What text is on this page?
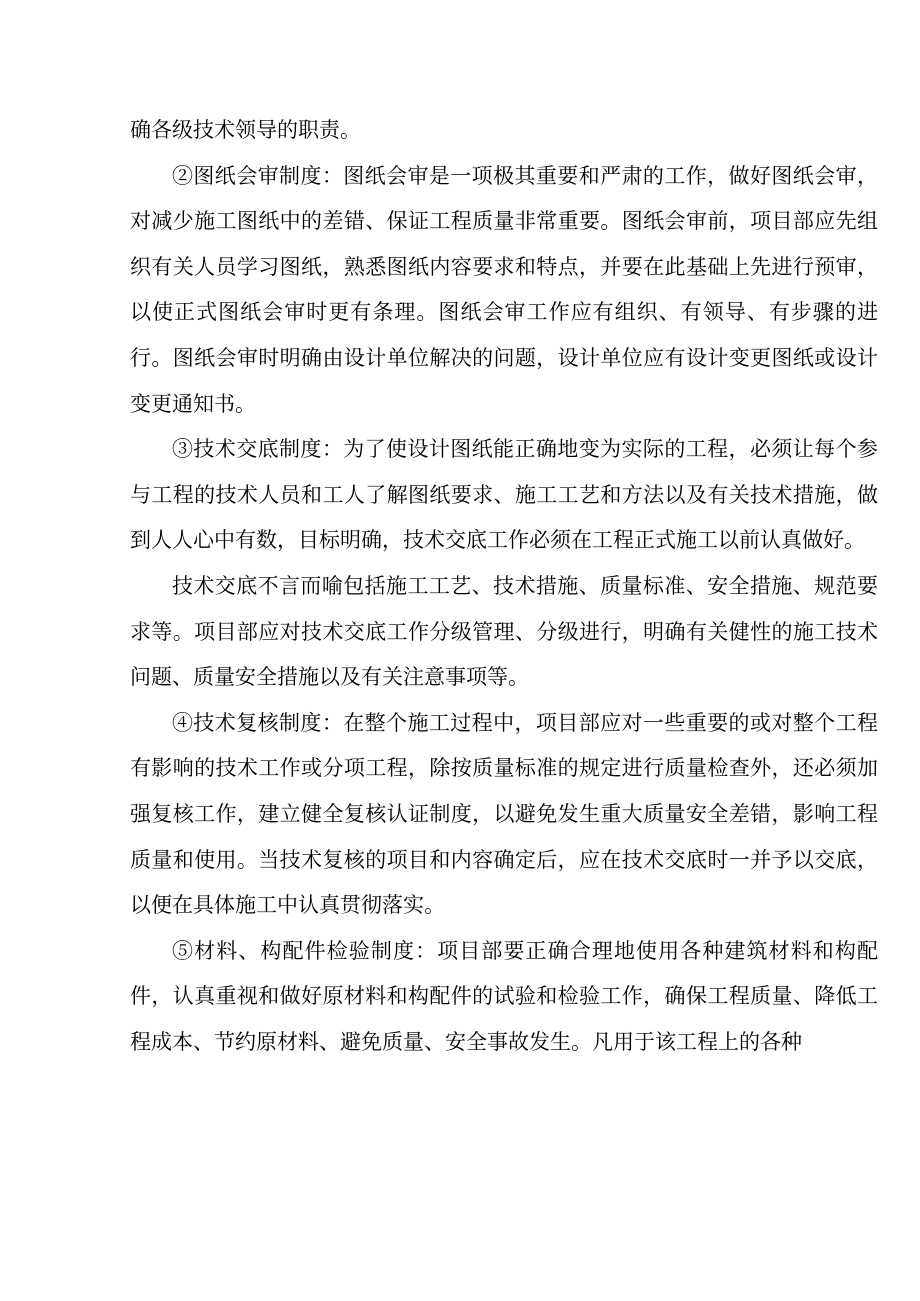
确各级技术领导的职责。

②图纸会审制度：图纸会审是一项极其重要和严肃的工作，做好图纸会审，对减少施工图纸中的差错、保证工程质量非常重要。图纸会审前，项目部应先组织有关人员学习图纸，熟悉图纸内容要求和特点，并要在此基础上先进行预审，以使正式图纸会审时更有条理。图纸会审工作应有组织、有领导、有步骤的进行。图纸会审时明确由设计单位解决的问题，设计单位应有设计变更图纸或设计变更通知书。

③技术交底制度：为了使设计图纸能正确地变为实际的工程，必须让每个参与工程的技术人员和工人了解图纸要求、施工工艺和方法以及有关技术措施，做到人人心中有数，目标明确，技术交底工作必须在工程正式施工以前认真做好。

技术交底不言而喻包括施工工艺、技术措施、质量标准、安全措施、规范要求等。项目部应对技术交底工作分级管理、分级进行，明确有关健性的施工技术问题、质量安全措施以及有关注意事项等。

④技术复核制度：在整个施工过程中，项目部应对一些重要的或对整个工程有影响的技术工作或分项工程，除按质量标准的规定进行质量检查外，还必须加强复核工作，建立健全复核认证制度，以避免发生重大质量安全差错，影响工程质量和使用。当技术复核的项目和内容确定后，应在技术交底时一并予以交底，以便在具体施工中认真贯彻落实。

⑤材料、构配件检验制度：项目部要正确合理地使用各种建筑材料和构配件，认真重视和做好原材料和构配件的试验和检验工作，确保工程质量、降低工程成本、节约原材料、避免质量、安全事故发生。凡用于该工程上的各种
